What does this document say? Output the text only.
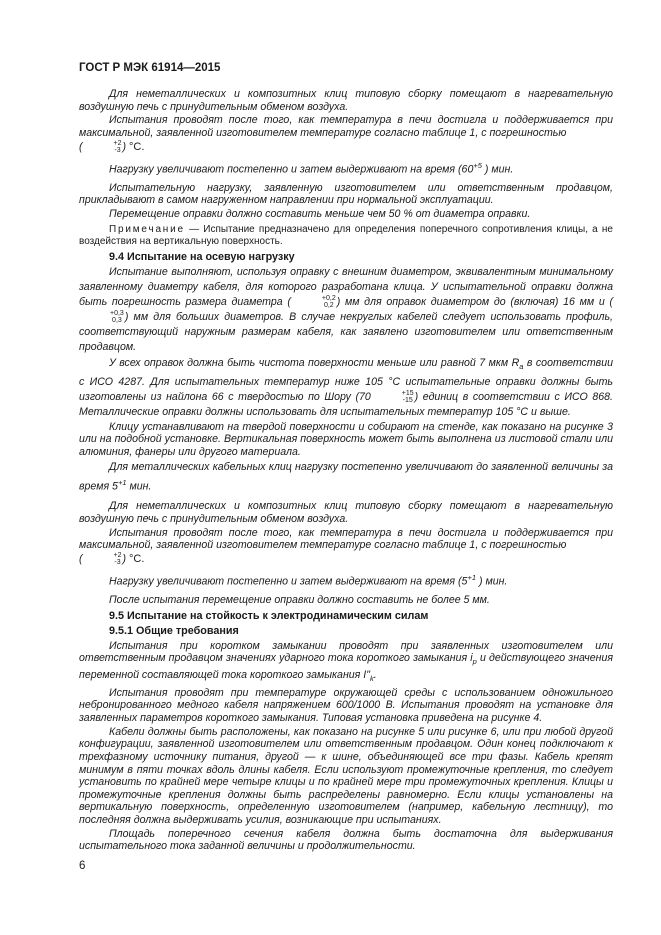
ГОСТ Р МЭК 61914—2015

Для неметаллических и композитных клиц типовую сборку помещают в нагревательную воздушную печь с принудительным обменом воздуха.

Испытания проводят после того, как температура в печи достигла и поддерживается при максимальной, заявленной изготовителем температуре согласно таблице 1, с погрешностью
(	+2
-3 ) °C.

Нагрузку увеличивают постепенно и затем выдерживают на время ($60^{+5}$ ) мин.

Испытательную нагрузку, заявленную изготовителем или ответственным продавцом, прикладывают в самом нагруженном направлении при нормальной эксплуатации.

Перемещение оправки должно составить меньше чем 50 % от диаметра оправки.

Примечание — Испытание предназначено для определения поперечного сопротивления клицы, а не воздействия на вертикальную поверхность.

9.4 Испытание на осевую нагрузку

Испытание выполняют, используя оправку с внешним диаметром, эквивалентным минимальному заявленному диаметру кабеля, для которого разработана клица. У испытательной оправки должна быть погрешность размера диаметра (	+0,2
0,2 ) мм для оправок диаметром до (включая) 16 мм и (
+0,3
0,3 ) мм для больших диаметров. В случае некруглых кабелей следует использовать профиль, соответствующий наружным размерам кабеля, как заявлено изготовителем или ответственным продавцом.

У всех оправок должна быть чистота поверхности меньше или равной 7 мкм $R_a$ в соответствии с ИСО 4287. Для испытательных температур ниже 105 °C испытательные оправки должны быть изготовлены из найлона 66 с твердостью по Шору (70	+15
-15 ) единиц в соответствии с ИСО 868. Металлические оправки должны использовать для испытательных температур 105 °C и выше.

Клицу устанавливают на твердой поверхности и собирают на стенде, как показано на рисунке 3 или на подобной установке. Вертикальная поверхность может быть выполнена из листовой стали или алюминия, фанеры или другого материала.

Для металлических кабельных клиц нагрузку постепенно увеличивают до заявленной величины за время $5^{+1}$ мин.

Для неметаллических и композитных клиц типовую сборку помещают в нагревательную воздушную печь с принудительным обменом воздуха.

Испытания проводят после того, как температура в печи достигла и поддерживается при максимальной, заявленной изготовителем температуре согласно таблице 1, с погрешностью
(	+2
-3 ) °C.

Нагрузку увеличивают постепенно и затем выдерживают на время ($5^{+1}$ ) мин.

После испытания перемещение оправки должно составить не более 5 мм.

9.5 Испытание на стойкость к электродинамическим силам
9.5.1 Общие требования

Испытания при коротком замыкании проводят при заявленных изготовителем или ответственным продавцом значениях ударного тока короткого замыкания $i_p$ и действующего значения переменной составляющей тока короткого замыкания $I"_k$.

Испытания проводят при температуре окружающей среды с использованием одножильного небронированного медного кабеля напряжением 600/1000 В. Испытания проводят на установке для заявленных параметров короткого замыкания. Типовая установка приведена на рисунке 4.

Кабели должны быть расположены, как показано на рисунке 5 или рисунке 6, или при любой другой конфигурации, заявленной изготовителем или ответственным продавцом. Один конец подключают к трехфазному источнику питания, другой — к шине, объединяющей все три фазы. Кабель крепят минимум в пяти точках вдоль длины кабеля. Если используют промежуточные крепления, то следует установить по крайней мере четыре клицы и по крайней мере три промежуточных крепления. Клицы и промежуточные крепления должны быть распределены равномерно. Если клицы установлены на вертикальную поверхность, определенную изготовителем (например, кабельную лестницу), то последняя должна выдерживать усилия, возникающие при испытаниях.

Площадь поперечного сечения кабеля должна быть достаточна для выдерживания испытательного тока заданной величины и продолжительности.

6
